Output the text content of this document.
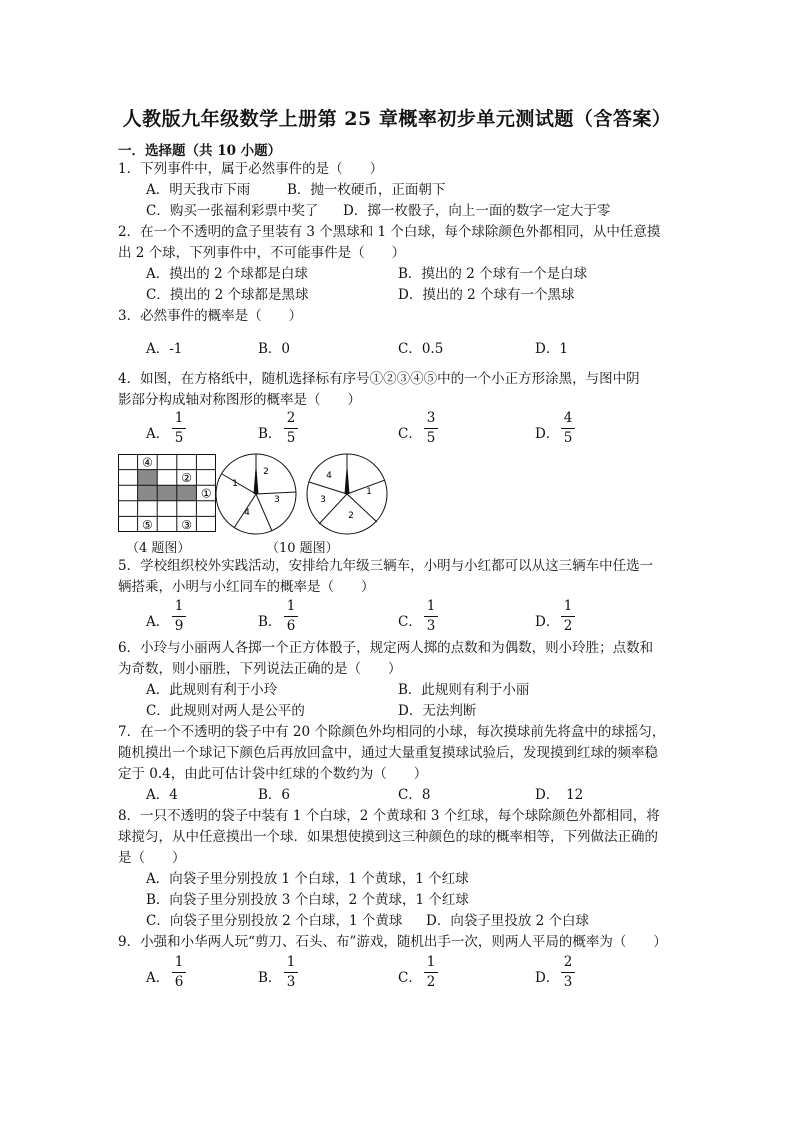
人教版九年级数学上册第 25 章概率初步单元测试题（含答案）
一．选择题（共 10 小题）
1．下列事件中，属于必然事件的是（　　）
A．明天我市下雨	B．抛一枚硬币，正面朝下
C．购买一张福利彩票中奖了 D．掷一枚骰子，向上一面的数字一定大于零
2．在一个不透明的盒子里装有 3 个黑球和 1 个白球，每个球除颜色外都相同，从中任意摸
出 2 个球，下列事件中，不可能事件是（　　）
A．摸出的 2 个球都是白球	B．摸出的 2 个球有一个是白球
C．摸出的 2 个球都是黑球	D．摸出的 2 个球有一个黑球
3．必然事件的概率是（　　）
A．-1	B．0	C．0.5	D．1
4．如图，在方格纸中，随机选择标有序号①②③④⑤中的一个小正方形涂黑，与图中阴
影部分构成轴对称图形的概率是（　　）
A．
1
5	B．
2
5	C．
3
5	D．
4
5
④
②
①
⑤ ③
1
2
3
4
4
1
2
3
（4 题图）	（10 题图）
5．学校组织校外实践活动，安排给九年级三辆车，小明与小红都可以从这三辆车中任选一
辆搭乘，小明与小红同车的概率是（　　）
A．
1
9	B．
1
6	C．
1
3	D．
1
2
6．小玲与小丽两人各掷一个正方体骰子，规定两人掷的点数和为偶数，则小玲胜；点数和
为奇数，则小丽胜，下列说法正确的是（　　）
A．此规则有利于小玲	B．此规则有利于小丽
C．此规则对两人是公平的	D．无法判断
7．在一个不透明的袋子中有 20 个除颜色外均相同的小球，每次摸球前先将盒中的球摇匀，
随机摸出一个球记下颜色后再放回盒中，通过大量重复摸球试验后，发现摸到红球的频率稳
定于 0.4，由此可估计袋中红球的个数约为（　　）
A．4	B．6	C．8	D．　12
8．一只不透明的袋子中装有 1 个白球，2 个黄球和 3 个红球，每个球除颜色外都相同，将
球搅匀，从中任意摸出一个球．如果想使摸到这三种颜色的球的概率相等，下列做法正确的
是（　　）
A．向袋子里分别投放 1 个白球，1 个黄球，1 个红球
B．向袋子里分别投放 3 个白球，2 个黄球，1 个红球
C．向袋子里分别投放 2 个白球，1 个黄球 D．向袋子里投放 2 个白球
9．小强和小华两人玩“剪刀、石头、布”游戏，随机出手一次，则两人平局的概率为（　　）
A．
1
6	B．
1
3	C．
1
2	D．
2
3
